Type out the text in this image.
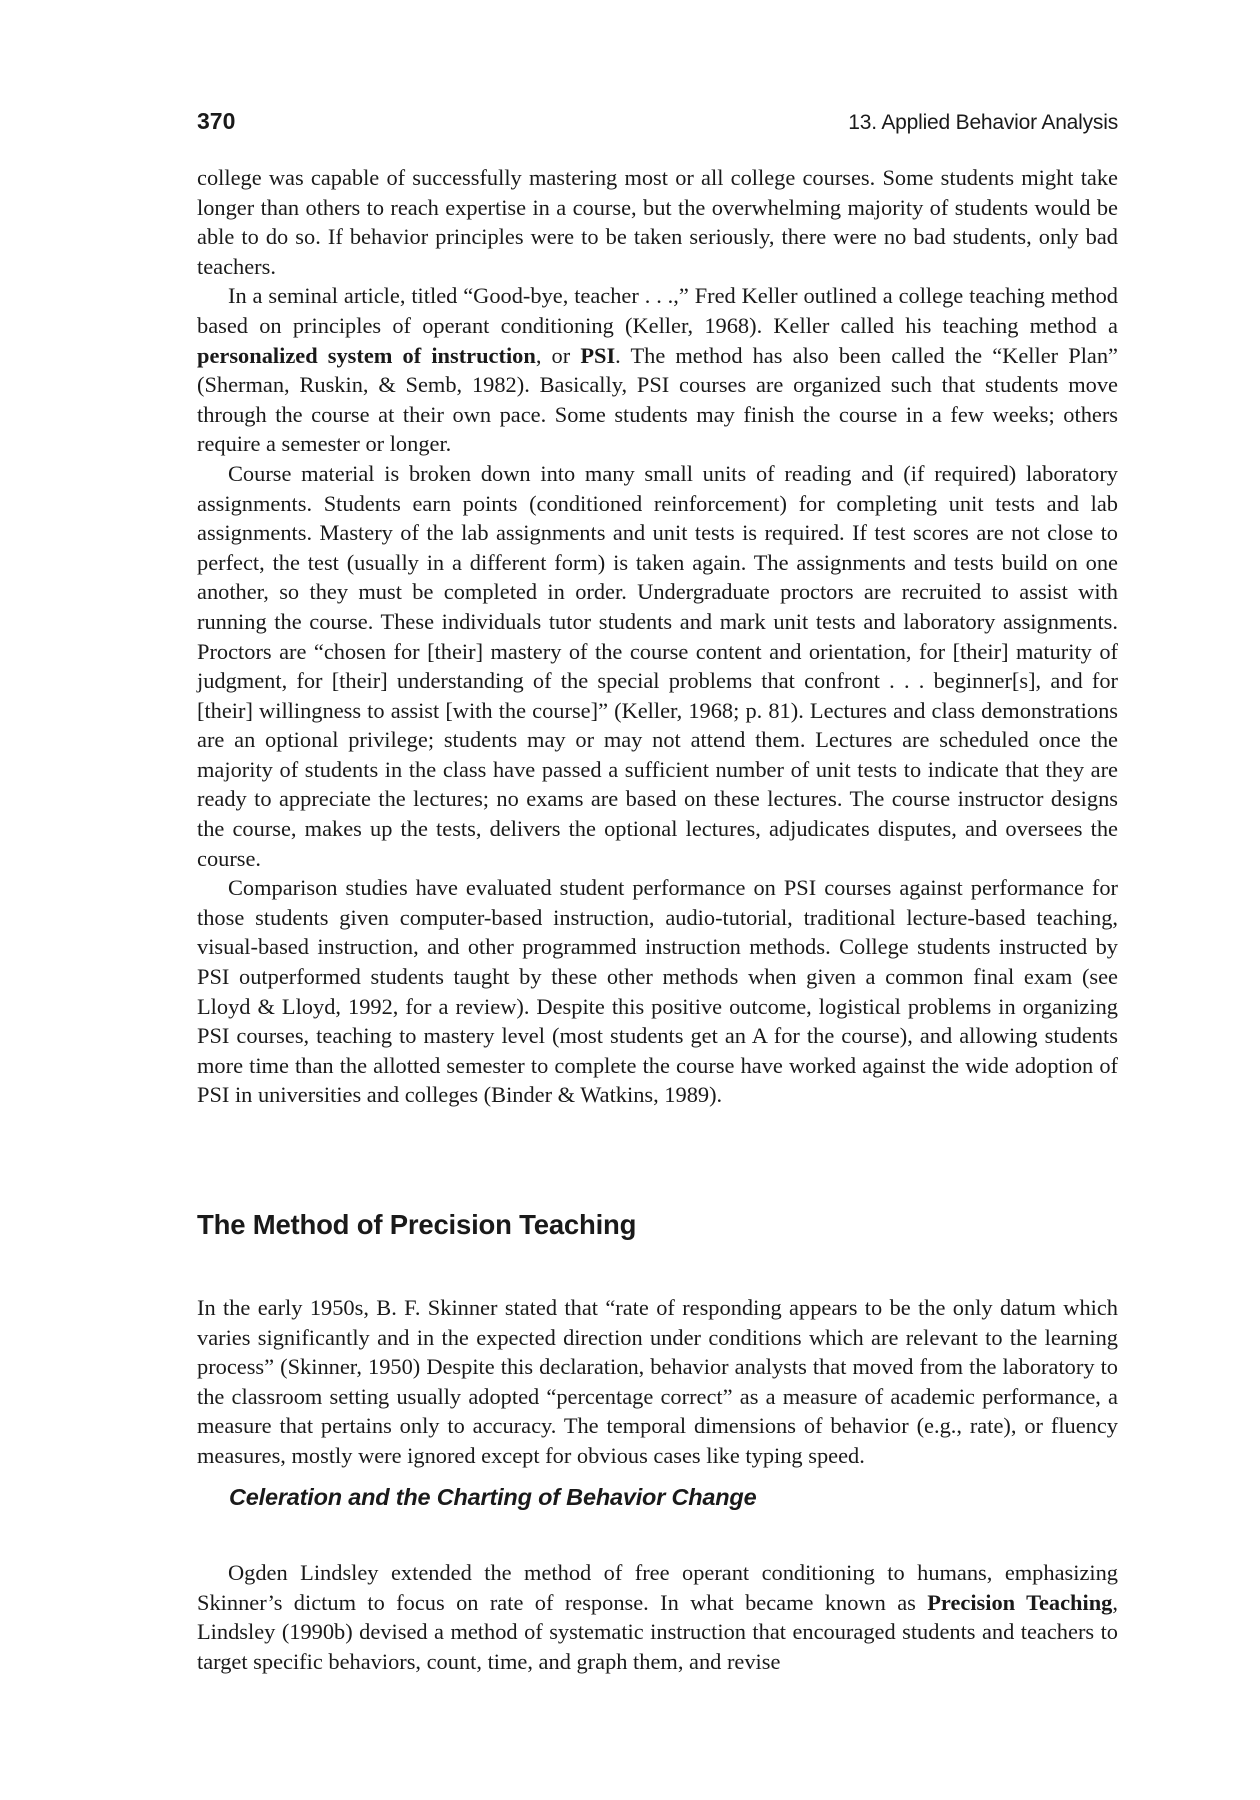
370	13. Applied Behavior Analysis

college was capable of successfully mastering most or all college courses. Some students might take longer than others to reach expertise in a course, but the overwhelming majority of students would be able to do so. If behavior principles were to be taken seriously, there were no bad students, only bad teachers.

In a seminal article, titled “Good-bye, teacher . . .,” Fred Keller outlined a college teaching method based on principles of operant conditioning (Keller, 1968). Keller called his teaching method a personalized system of instruction, or PSI. The method has also been called the “Keller Plan” (Sherman, Ruskin, & Semb, 1982). Basically, PSI courses are organized such that students move through the course at their own pace. Some students may finish the course in a few weeks; others require a semester or longer.

Course material is broken down into many small units of reading and (if required) laboratory assignments. Students earn points (conditioned reinforcement) for completing unit tests and lab assignments. Mastery of the lab assignments and unit tests is required. If test scores are not close to perfect, the test (usually in a different form) is taken again. The assignments and tests build on one another, so they must be completed in order. Undergraduate proctors are recruited to assist with running the course. These individuals tutor students and mark unit tests and laboratory assignments. Proctors are “chosen for [their] mastery of the course content and orientation, for [their] maturity of judgment, for [their] understanding of the special problems that confront . . . beginner[s], and for [their] willingness to assist [with the course]” (Keller, 1968; p. 81). Lectures and class demonstrations are an optional privilege; students may or may not attend them. Lectures are scheduled once the majority of students in the class have passed a sufficient number of unit tests to indicate that they are ready to appreciate the lectures; no exams are based on these lectures. The course instructor designs the course, makes up the tests, delivers the optional lectures, adjudicates disputes, and oversees the course.

Comparison studies have evaluated student performance on PSI courses against performance for those students given computer-based instruction, audio-tutorial, traditional lecture-based teaching, visual-based instruction, and other programmed instruction methods. College students instructed by PSI outperformed students taught by these other methods when given a common final exam (see Lloyd & Lloyd, 1992, for a review). Despite this positive outcome, logistical problems in organizing PSI courses, teaching to mastery level (most students get an A for the course), and allowing students more time than the allotted semester to complete the course have worked against the wide adoption of PSI in universities and colleges (Binder & Watkins, 1989).

The Method of Precision Teaching

In the early 1950s, B. F. Skinner stated that “rate of responding appears to be the only datum which varies significantly and in the expected direction under conditions which are relevant to the learning process” (Skinner, 1950) Despite this declaration, behavior analysts that moved from the laboratory to the classroom setting usually adopted “percentage correct” as a measure of academic performance, a measure that pertains only to accuracy. The temporal dimensions of behavior (e.g., rate), or fluency measures, mostly were ignored except for obvious cases like typing speed.

Celeration and the Charting of Behavior Change

Ogden Lindsley extended the method of free operant conditioning to humans, emphasizing Skinner’s dictum to focus on rate of response. In what became known as Precision Teaching, Lindsley (1990b) devised a method of systematic instruction that encouraged students and teachers to target specific behaviors, count, time, and graph them, and revise
